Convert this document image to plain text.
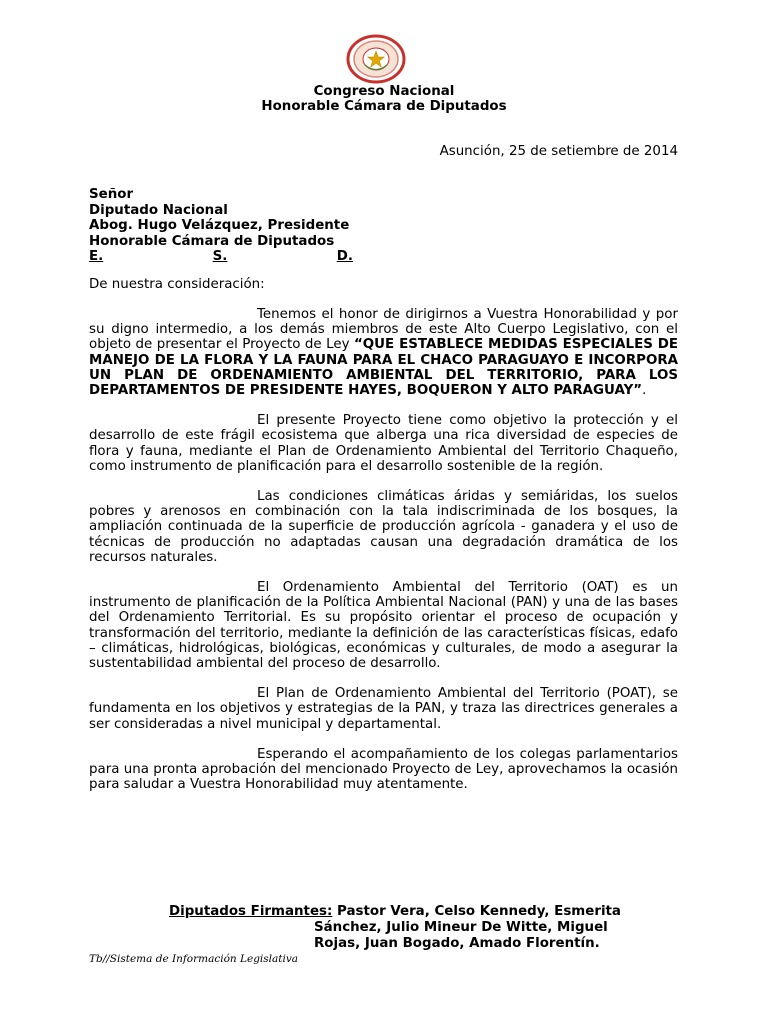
Congreso Nacional
Honorable Cámara de Diputados
Asunción, 25 de setiembre de 2014
Señor
Diputado Nacional
Abog. Hugo Velázquez, Presidente
Honorable Cámara de Diputados
E.	S.	D.
De nuestra consideración:

Tenemos el honor de dirigirnos a Vuestra Honorabilidad y por su digno intermedio, a los demás miembros de este Alto Cuerpo Legislativo, con el objeto de presentar el Proyecto de Ley “QUE ESTABLECE MEDIDAS ESPECIALES DE MANEJO DE LA FLORA Y LA FAUNA PARA EL CHACO PARAGUAYO E INCORPORA UN PLAN DE ORDENAMIENTO AMBIENTAL DEL TERRITORIO, PARA LOS DEPARTAMENTOS DE PRESIDENTE HAYES, BOQUERON Y ALTO PARAGUAY”.

El presente Proyecto tiene como objetivo la protección y el desarrollo de este frágil ecosistema que alberga una rica diversidad de especies de flora y fauna, mediante el Plan de Ordenamiento Ambiental del Territorio Chaqueño, como instrumento de planificación para el desarrollo sostenible de la región.

Las condiciones climáticas áridas y semiáridas, los suelos pobres y arenosos en combinación con la tala indiscriminada de los bosques, la ampliación continuada de la superficie de producción agrícola - ganadera y el uso de técnicas de producción no adaptadas causan una degradación dramática de los recursos naturales.

El Ordenamiento Ambiental del Territorio (OAT) es un instrumento de planificación de la Política Ambiental Nacional (PAN) y una de las bases del Ordenamiento Territorial. Es su propósito orientar el proceso de ocupación y transformación del territorio, mediante la definición de las características físicas, edafo – climáticas, hidrológicas, biológicas, económicas y culturales, de modo a asegurar la sustentabilidad ambiental del proceso de desarrollo.

El Plan de Ordenamiento Ambiental del Territorio (POAT), se fundamenta en los objetivos y estrategias de la PAN, y traza las directrices generales a ser consideradas a nivel municipal y departamental.

Esperando el acompañamiento de los colegas parlamentarios para una pronta aprobación del mencionado Proyecto de Ley, aprovechamos la ocasión para saludar a Vuestra Honorabilidad muy atentamente.

Diputados Firmantes: Pastor Vera, Celso Kennedy, Esmerita
Sánchez, Julio Mineur De Witte, Miguel
Rojas, Juan Bogado, Amado Florentín.
Tb//Sistema de Información Legislativa
